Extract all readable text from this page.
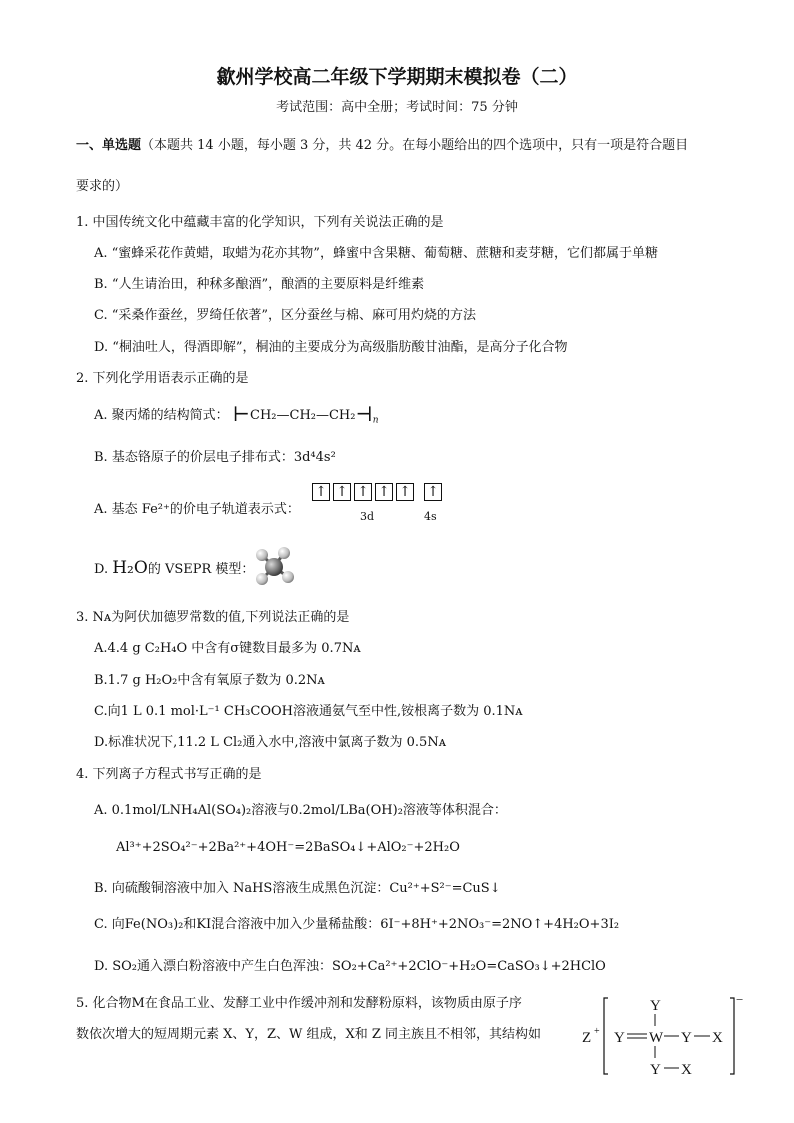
歙州学校高二年级下学期期末模拟卷（二）
考试范围：高中全册；考试时间：75 分钟
一、单选题（本题共 14 小题，每小题 3 分，共 42 分。在每小题给出的四个选项中，只有一项是符合题目
要求的）
1. 中国传统文化中蕴藏丰富的化学知识，下列有关说法正确的是
A. “蜜蜂采花作黄蜡，取蜡为花亦其物”，蜂蜜中含果糖、葡萄糖、蔗糖和麦芽糖，它们都属于单糖
B. “人生请治田，种秫多酿酒”，酿酒的主要原料是纤维素
C. “采桑作蚕丝，罗绮任依著”，区分蚕丝与棉、麻可用灼烧的方法
D. “桐油吐人，得酒即解”，桐油的主要成分为高级脂肪酸甘油酯，是高分子化合物
2. 下列化学用语表示正确的是
A. 聚丙烯的结构简式： $⊢CH_2—CH_2—CH_2⊣_n$
B. 基态铬原子的价层电子排布式：3d⁴4s²
A. 基态 Fe²⁺的价电子轨道表示式：
↑ ↑ ↑ ↑ ↑ ↑
3d	4s
D. H₂O的 VSEPR 模型：
3. Nᴀ为阿伏加德罗常数的值,下列说法正确的是
A.4.4 g C₂H₄O 中含有σ键数目最多为 0.7Nᴀ
B.1.7 g H₂O₂中含有氧原子数为 0.2Nᴀ
C.向1 L 0.1 mol·L⁻¹ CH₃COOH溶液通氨气至中性,铵根离子数为 0.1Nᴀ
D.标准状况下,11.2 L Cl₂通入水中,溶液中氯离子数为 0.5Nᴀ
4. 下列离子方程式书写正确的是
A. 0.1mol/LNH₄Al(SO₄)₂溶液与0.2mol/LBa(OH)₂溶液等体积混合：
Al³⁺+2SO₄²⁻+2Ba²⁺+4OH⁻=2BaSO₄↓+AlO₂⁻+2H₂O
B. 向硫酸铜溶液中加入 NaHS溶液生成黑色沉淀：Cu²⁺+S²⁻=CuS↓
C. 向Fe(NO₃)₂和KI混合溶液中加入少量稀盐酸：6I⁻+8H⁺+2NO₃⁻=2NO↑+4H₂O+3I₂
D. SO₂通入漂白粉溶液中产生白色浑浊：SO₂+Ca²⁺+2ClO⁻+H₂O=CaSO₃↓+2HClO
5. 化合物M在食品工业、发酵工业中作缓冲剂和发酵粉原料，该物质由原子序
数依次增大的短周期元素 X、Y，Z、W 组成，X和 Z 同主族且不相邻，其结构如	Z +
−
Y
Y W Y X
Y X
